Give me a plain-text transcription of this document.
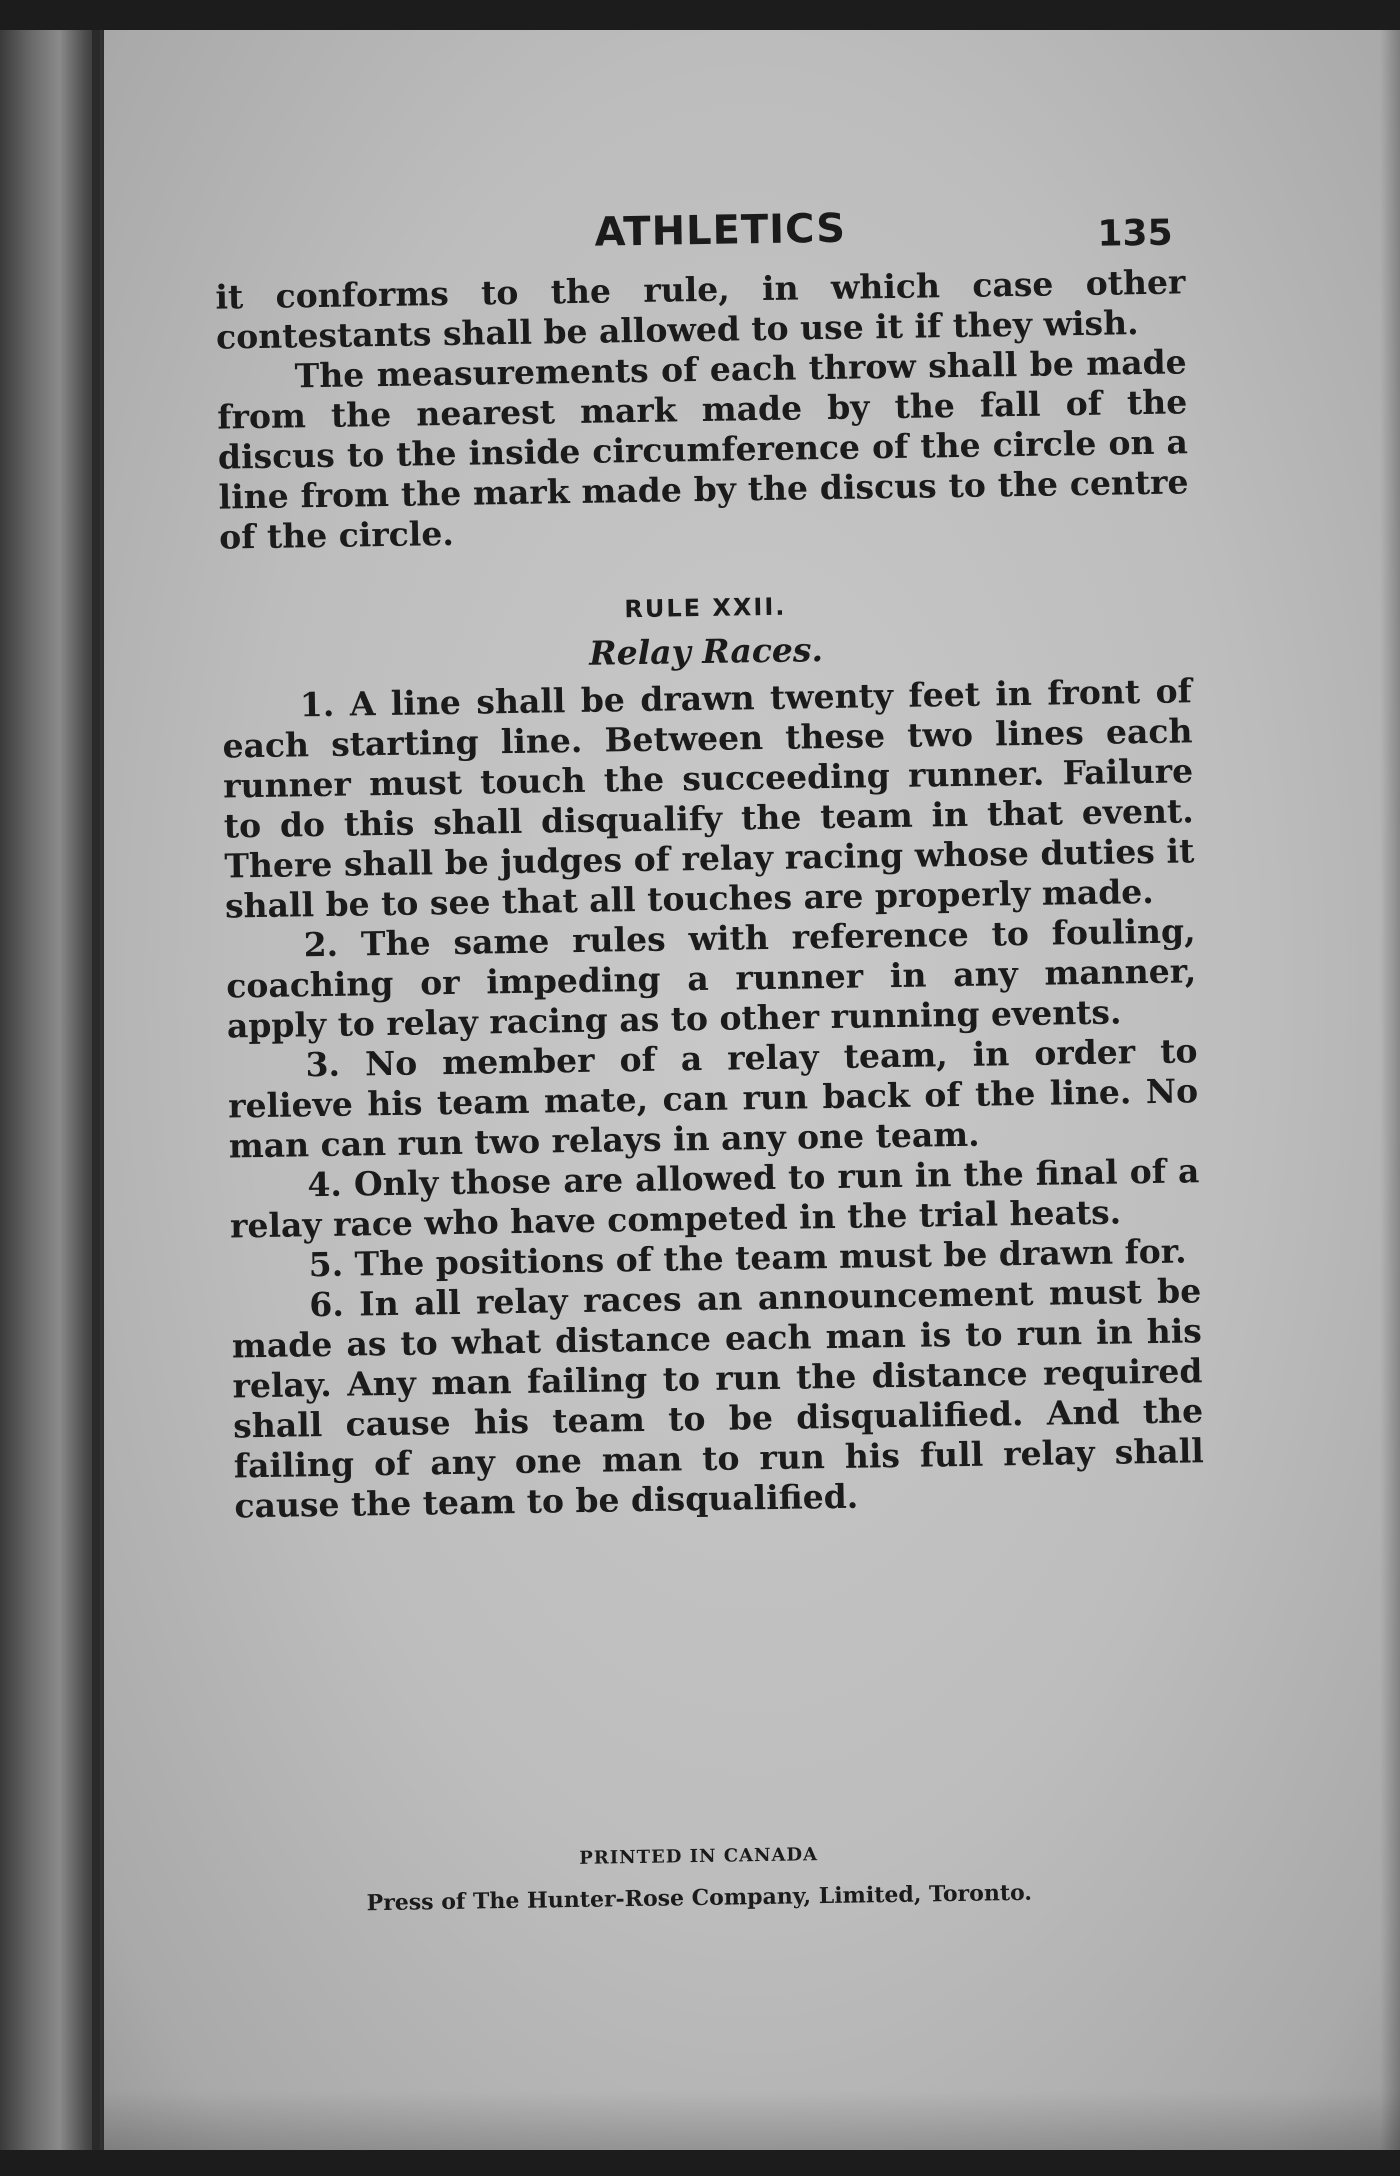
ATHLETICS	135

it conforms to the rule, in which case other contestants shall be allowed to use it if they wish.

The measurements of each throw shall be made from the nearest mark made by the fall of the discus to the inside circumference of the circle on a line from the mark made by the discus to the centre of the circle.

RULE XXII.
Relay Races.

1. A line shall be drawn twenty feet in front of each starting line. Between these two lines each runner must touch the succeeding runner. Failure to do this shall disqualify the team in that event. There shall be judges of relay racing whose duties it shall be to see that all touches are properly made.

2. The same rules with reference to fouling, coaching or impeding a runner in any manner, apply to relay racing as to other running events.

3. No member of a relay team, in order to relieve his team mate, can run back of the line. No man can run two relays in any one team.

4. Only those are allowed to run in the final of a relay race who have competed in the trial heats.

5. The positions of the team must be drawn for.

6. In all relay races an announcement must be made as to what distance each man is to run in his relay. Any man failing to run the distance required shall cause his team to be disqualified. And the failing of any one man to run his full relay shall cause the team to be disqualified.

PRINTED IN CANADA
Press of The Hunter-Rose Company, Limited, Toronto.
